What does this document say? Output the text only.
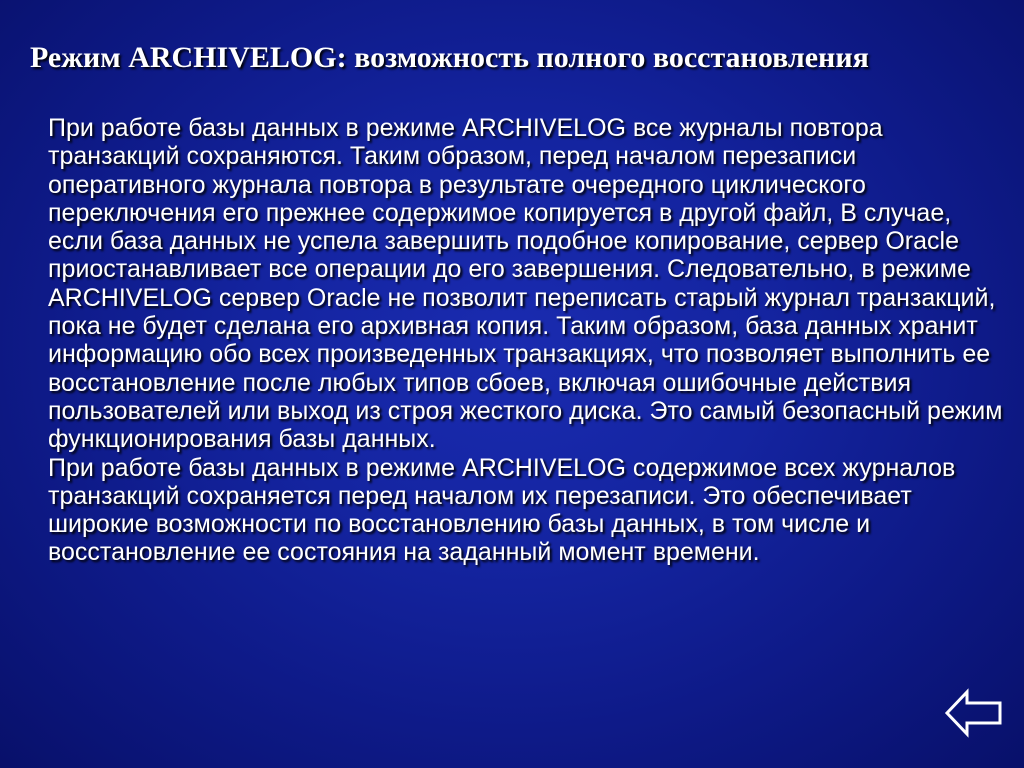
Режим ARCHIVELOG: возможность полного восстановления

При работе базы данных в режиме ARCHIVELOG все журналы повтора транзакций сохраняются. Таким образом, перед началом перезаписи оперативного журнала повтора в результате очередного циклического переключения его прежнее содержимое копируется в другой файл, В случае, если база данных не успела завершить подобное копирование, сервер Oracle приостанавливает все операции до его завершения. Следовательно, в режиме ARCHIVELOG сервер Oracle не позволит переписать старый журнал транзакций, пока не будет сделана его архивная копия. Таким образом, база данных хранит информацию обо всех произведенных транзакциях, что позволяет выполнить ее восстановление после любых типов сбоев, включая ошибочные действия пользователей или выход из строя жесткого диска. Это самый безопасный режим функционирования базы данных.

При работе базы данных в режиме ARCHIVELOG содержимое всех журналов транзакций сохраняется перед началом их перезаписи. Это обеспечивает широкие возможности по восстановлению базы данных, в том числе и восстановление ее состояния на заданный момент времени.
